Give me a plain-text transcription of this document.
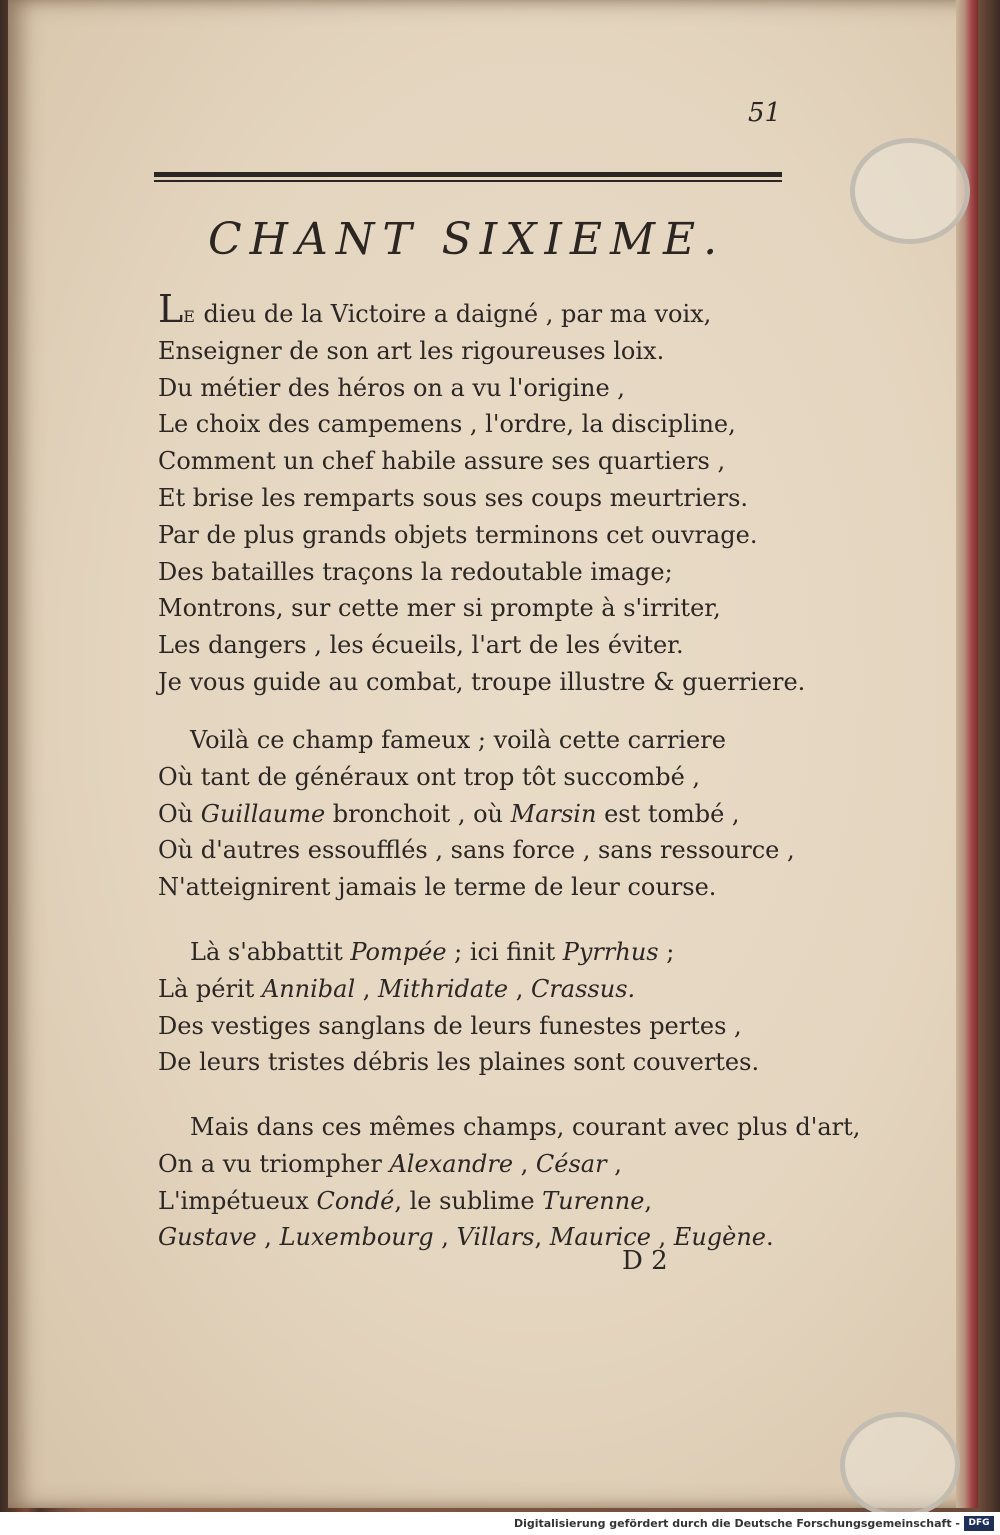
51
CHANT SIXIEME.
LE dieu de la Victoire a daigné , par ma voix,
Enseigner de son art les rigoureuses loix.
Du métier des héros on a vu l'origine ,
Le choix des campemens , l'ordre, la discipline,
Comment un chef habile assure ses quartiers ,
Et brise les remparts sous ses coups meurtriers.
Par de plus grands objets terminons cet ouvrage.
Des batailles traçons la redoutable image;
Montrons, sur cette mer si prompte à s'irriter,
Les dangers , les écueils, l'art de les éviter.
Je vous guide au combat, troupe illustre & guerriere.
Voilà ce champ fameux ; voilà cette carriere
Où tant de généraux ont trop tôt succombé ,
Où Guillaume bronchoit , où Marsin est tombé ,
Où d'autres essoufflés , sans force , sans ressource ,
N'atteignirent jamais le terme de leur course.
Là s'abbattit Pompée ; ici finit Pyrrhus ;
Là périt Annibal , Mithridate , Crassus.
Des vestiges sanglans de leurs funestes pertes ,
De leurs tristes débris les plaines sont couvertes.
Mais dans ces mêmes champs, courant avec plus d'art,
On a vu triompher Alexandre , César ,
L'impétueux Condé, le sublime Turenne,
Gustave , Luxembourg , Villars, Maurice , Eugène.
D 2
Digitalisierung gefördert durch die Deutsche Forschungsgemeinschaft - DFG
